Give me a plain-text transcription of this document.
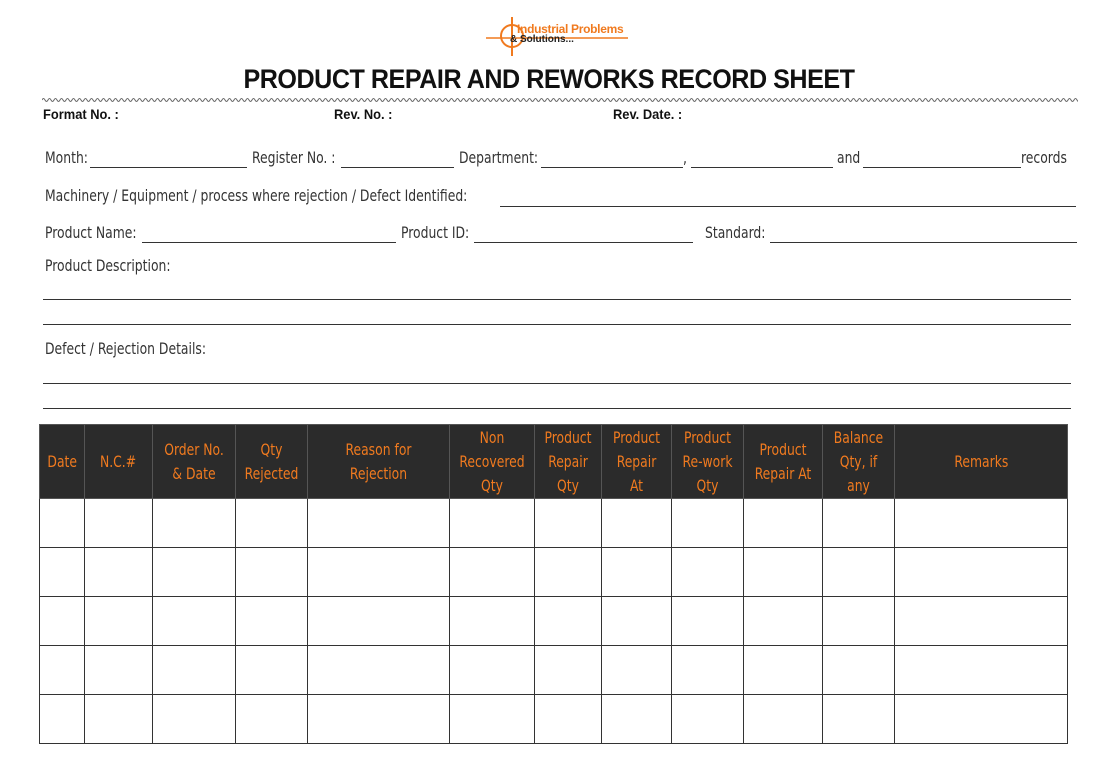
Industrial Problems
& Solutions...
PRODUCT REPAIR AND REWORKS RECORD SHEET
Format No. :	Rev. No. :	Rev. Date. :
Month:	Register No. :	Department:	,	and	records
Machinery / Equipment / process where rejection / Defect Identified:
Product Name:	Product ID:	Standard:
Product Description:
Defect / Rejection Details:
Date	N.C.#	Order No. & Date	Qty Rejected	Reason for Rejection	Non Recovered Qty	Product Repair Qty	Product Repair At	Product Re-work Qty	Product Repair At	Balance Qty, if any	Remarks
